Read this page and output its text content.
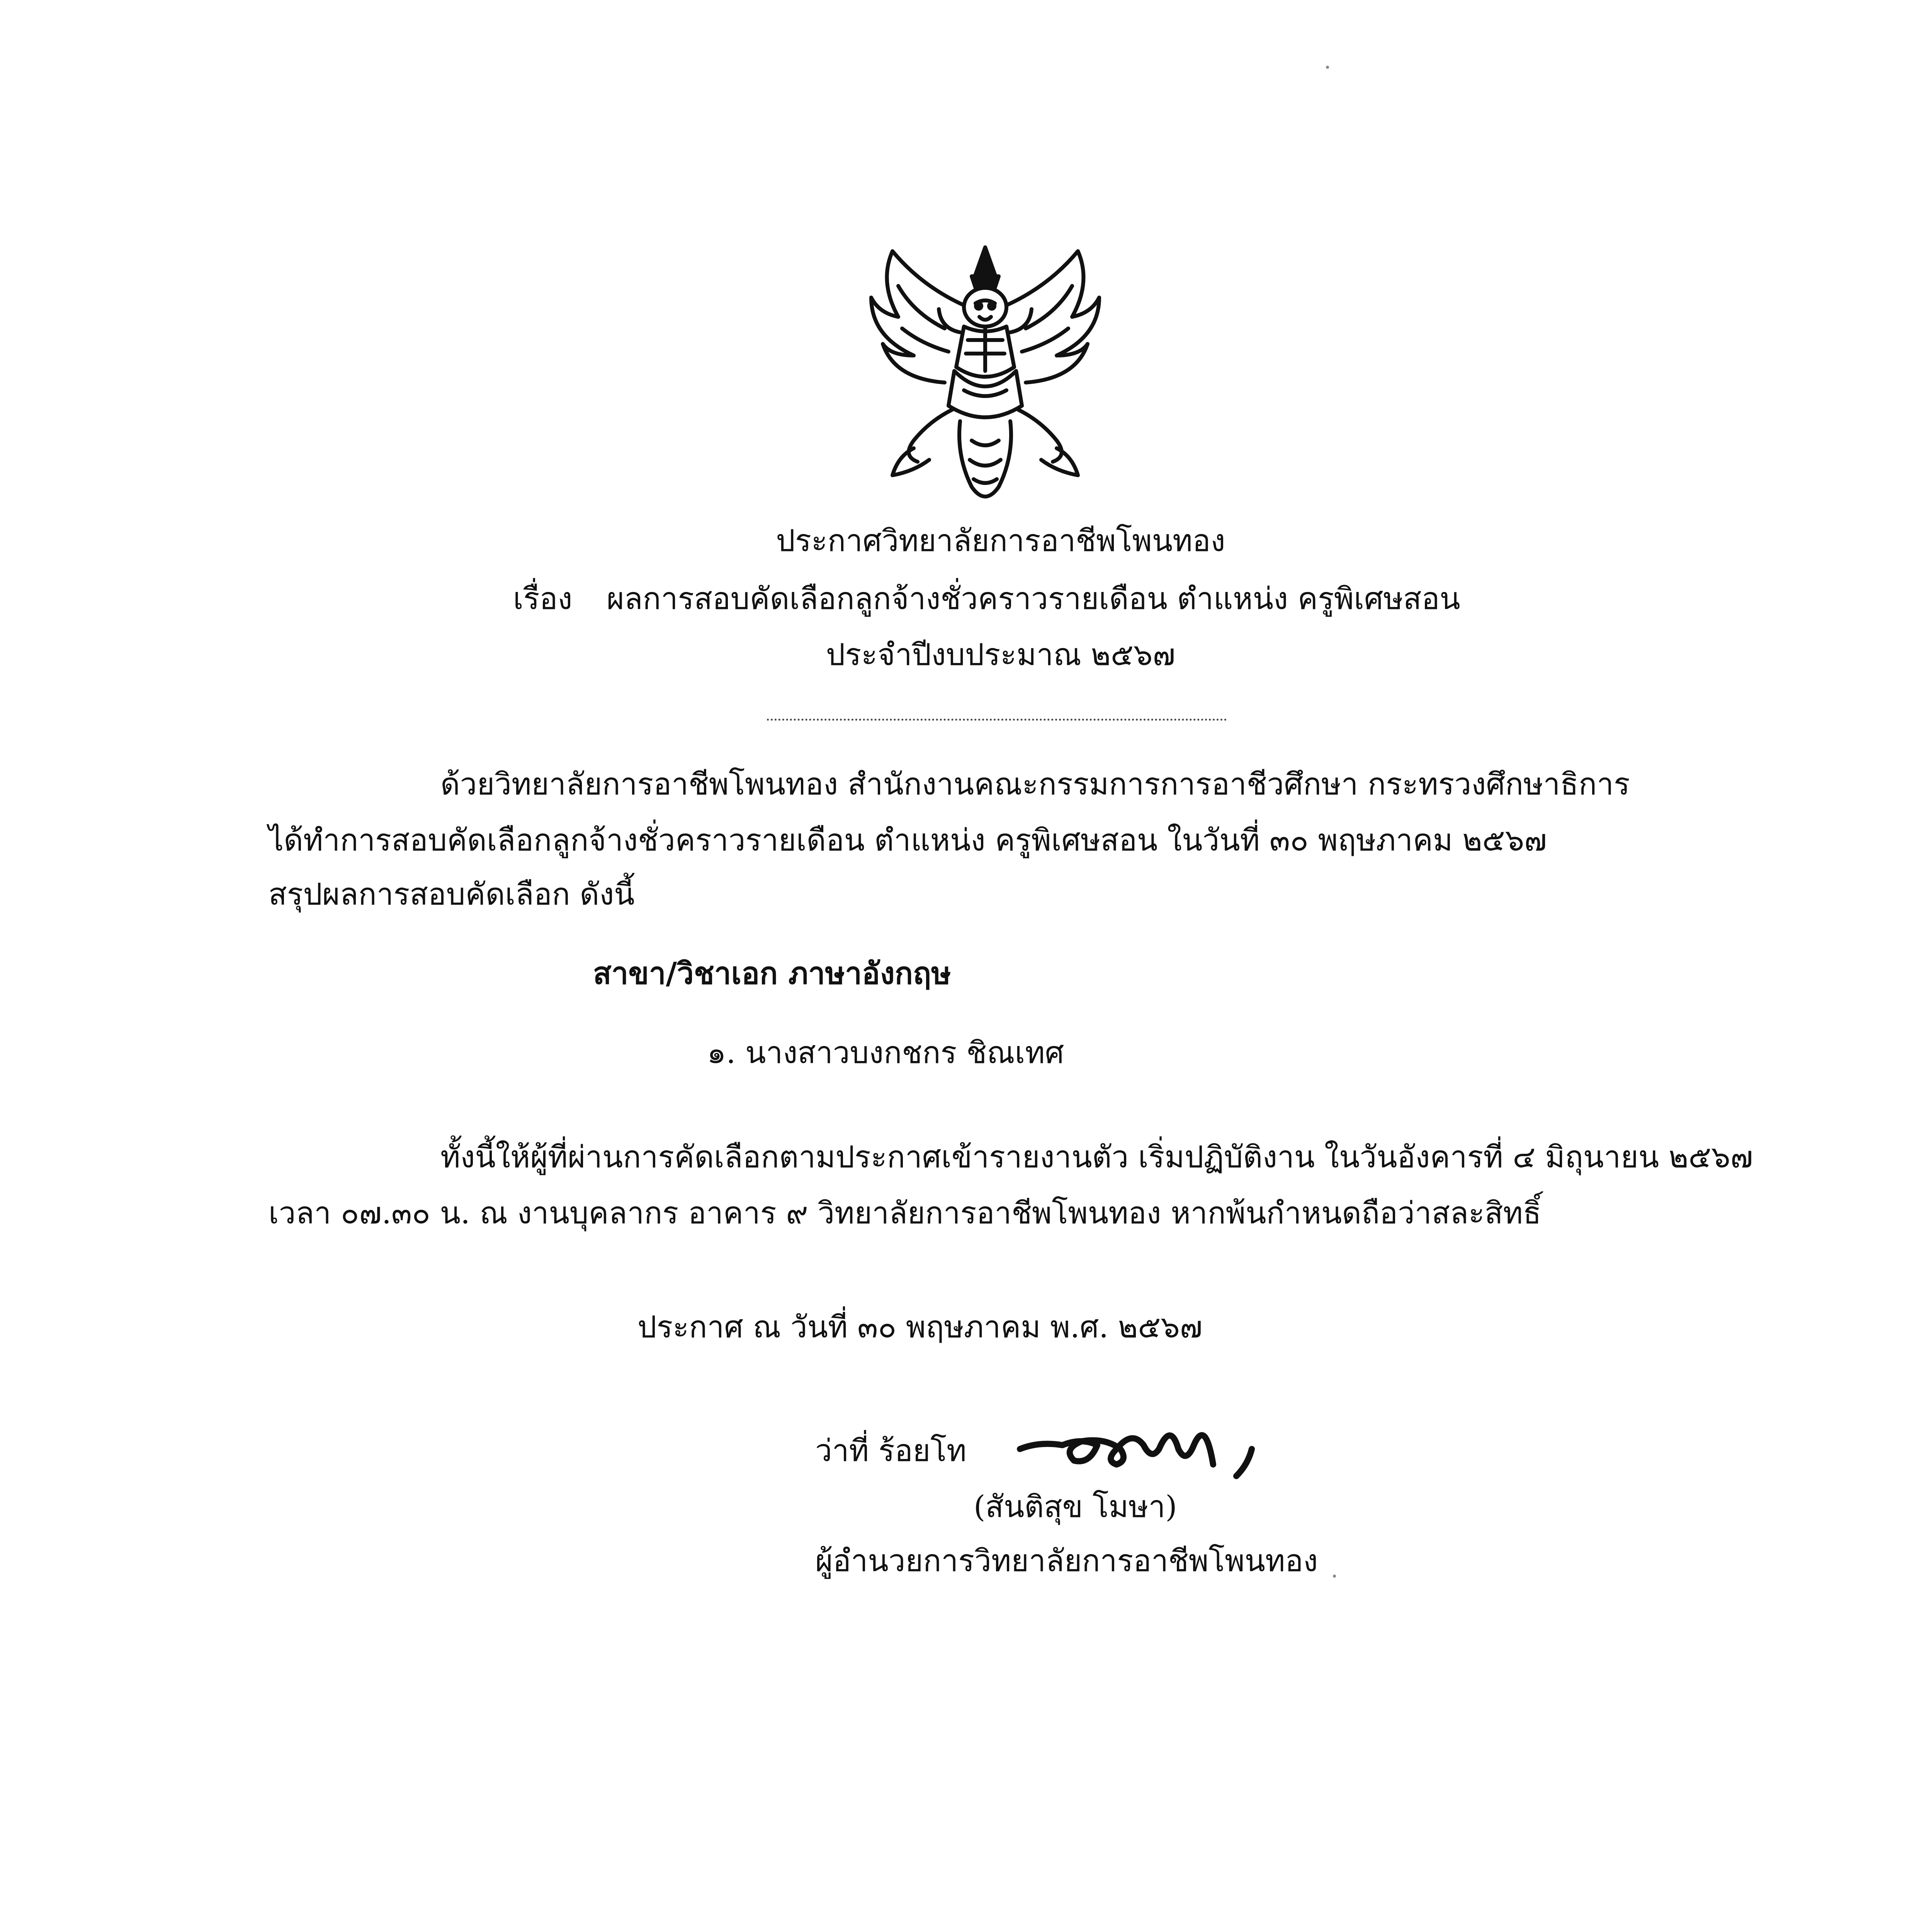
ประกาศวิทยาลัยการอาชีพโพนทอง
เรื่อง ผลการสอบคัดเลือกลูกจ้างชั่วคราวรายเดือน ตำแหน่ง ครูพิเศษสอน
ประจำปีงบประมาณ ๒๕๖๗
ด้วยวิทยาลัยการอาชีพโพนทอง สำนักงานคณะกรรมการการอาชีวศึกษา กระทรวงศึกษาธิการ
ได้ทำการสอบคัดเลือกลูกจ้างชั่วคราวรายเดือน ตำแหน่ง ครูพิเศษสอน ในวันที่ ๓๐ พฤษภาคม ๒๕๖๗
สรุปผลการสอบคัดเลือก ดังนี้
สาขา/วิชาเอก ภาษาอังกฤษ
๑. นางสาวบงกชกร ชิณเทศ
ทั้งนี้ให้ผู้ที่ผ่านการคัดเลือกตามประกาศเข้ารายงานตัว เริ่มปฏิบัติงาน ในวันอังคารที่ ๔ มิถุนายน ๒๕๖๗
เวลา ๐๗.๓๐ น. ณ งานบุคลากร อาคาร ๙ วิทยาลัยการอาชีพโพนทอง หากพ้นกำหนดถือว่าสละสิทธิ์
ประกาศ ณ วันที่ ๓๐ พฤษภาคม พ.ศ. ๒๕๖๗
ว่าที่ ร้อยโท
(สันติสุข โมษา)
ผู้อำนวยการวิทยาลัยการอาชีพโพนทอง
